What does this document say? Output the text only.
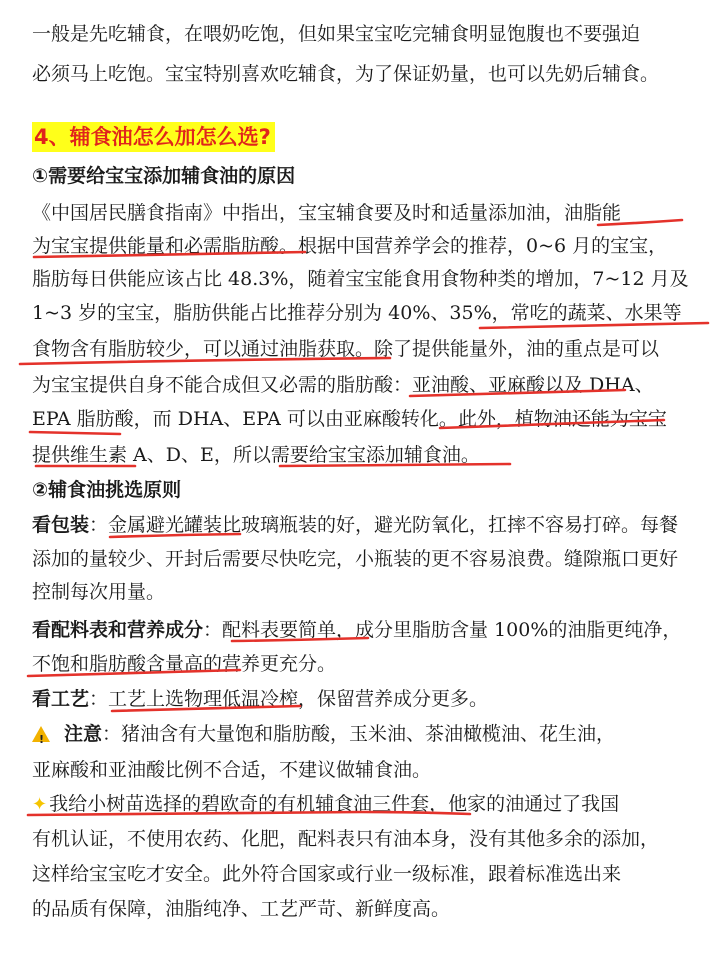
一般是先吃辅食，在喂奶吃饱，但如果宝宝吃完辅食明显饱腹也不要强迫
必须马上吃饱。宝宝特别喜欢吃辅食，为了保证奶量，也可以先奶后辅食。
4、辅食油怎么加怎么选?
①需要给宝宝添加辅食油的原因
《中国居民膳食指南》中指出，宝宝辅食要及时和适量添加油，油脂能
为宝宝提供能量和必需脂肪酸。根据中国营养学会的推荐，0~6 月的宝宝，
脂肪每日供能应该占比 48.3%，随着宝宝能食用食物种类的增加，7~12 月及
1~3 岁的宝宝，脂肪供能占比推荐分别为 40%、35%，常吃的蔬菜、水果等
食物含有脂肪较少，可以通过油脂获取。除了提供能量外，油的重点是可以
为宝宝提供自身不能合成但又必需的脂肪酸：亚油酸、亚麻酸以及 DHA、
EPA 脂肪酸，而 DHA、EPA 可以由亚麻酸转化。此外，植物油还能为宝宝
提供维生素 A、D、E，所以需要给宝宝添加辅食油。
②辅食油挑选原则
看包装：金属避光罐装比玻璃瓶装的好，避光防氧化，扛摔不容易打碎。每餐
添加的量较少、开封后需要尽快吃完，小瓶装的更不容易浪费。缝隙瓶口更好
控制每次用量。
看配料表和营养成分：配料表要简单，成分里脂肪含量 100%的油脂更纯净，
不饱和脂肪酸含量高的营养更充分。
看工艺：工艺上选物理低温冷榨，保留营养成分更多。
!注意：猪油含有大量饱和脂肪酸，玉米油、茶油橄榄油、花生油，
亚麻酸和亚油酸比例不合适，不建议做辅食油。
✦ 我给小树苗选择的碧欧奇的有机辅食油三件套，他家的油通过了我国
有机认证，不使用农药、化肥，配料表只有油本身，没有其他多余的添加，
这样给宝宝吃才安全。此外符合国家或行业一级标准，跟着标准选出来
的品质有保障，油脂纯净、工艺严苛、新鲜度高。
